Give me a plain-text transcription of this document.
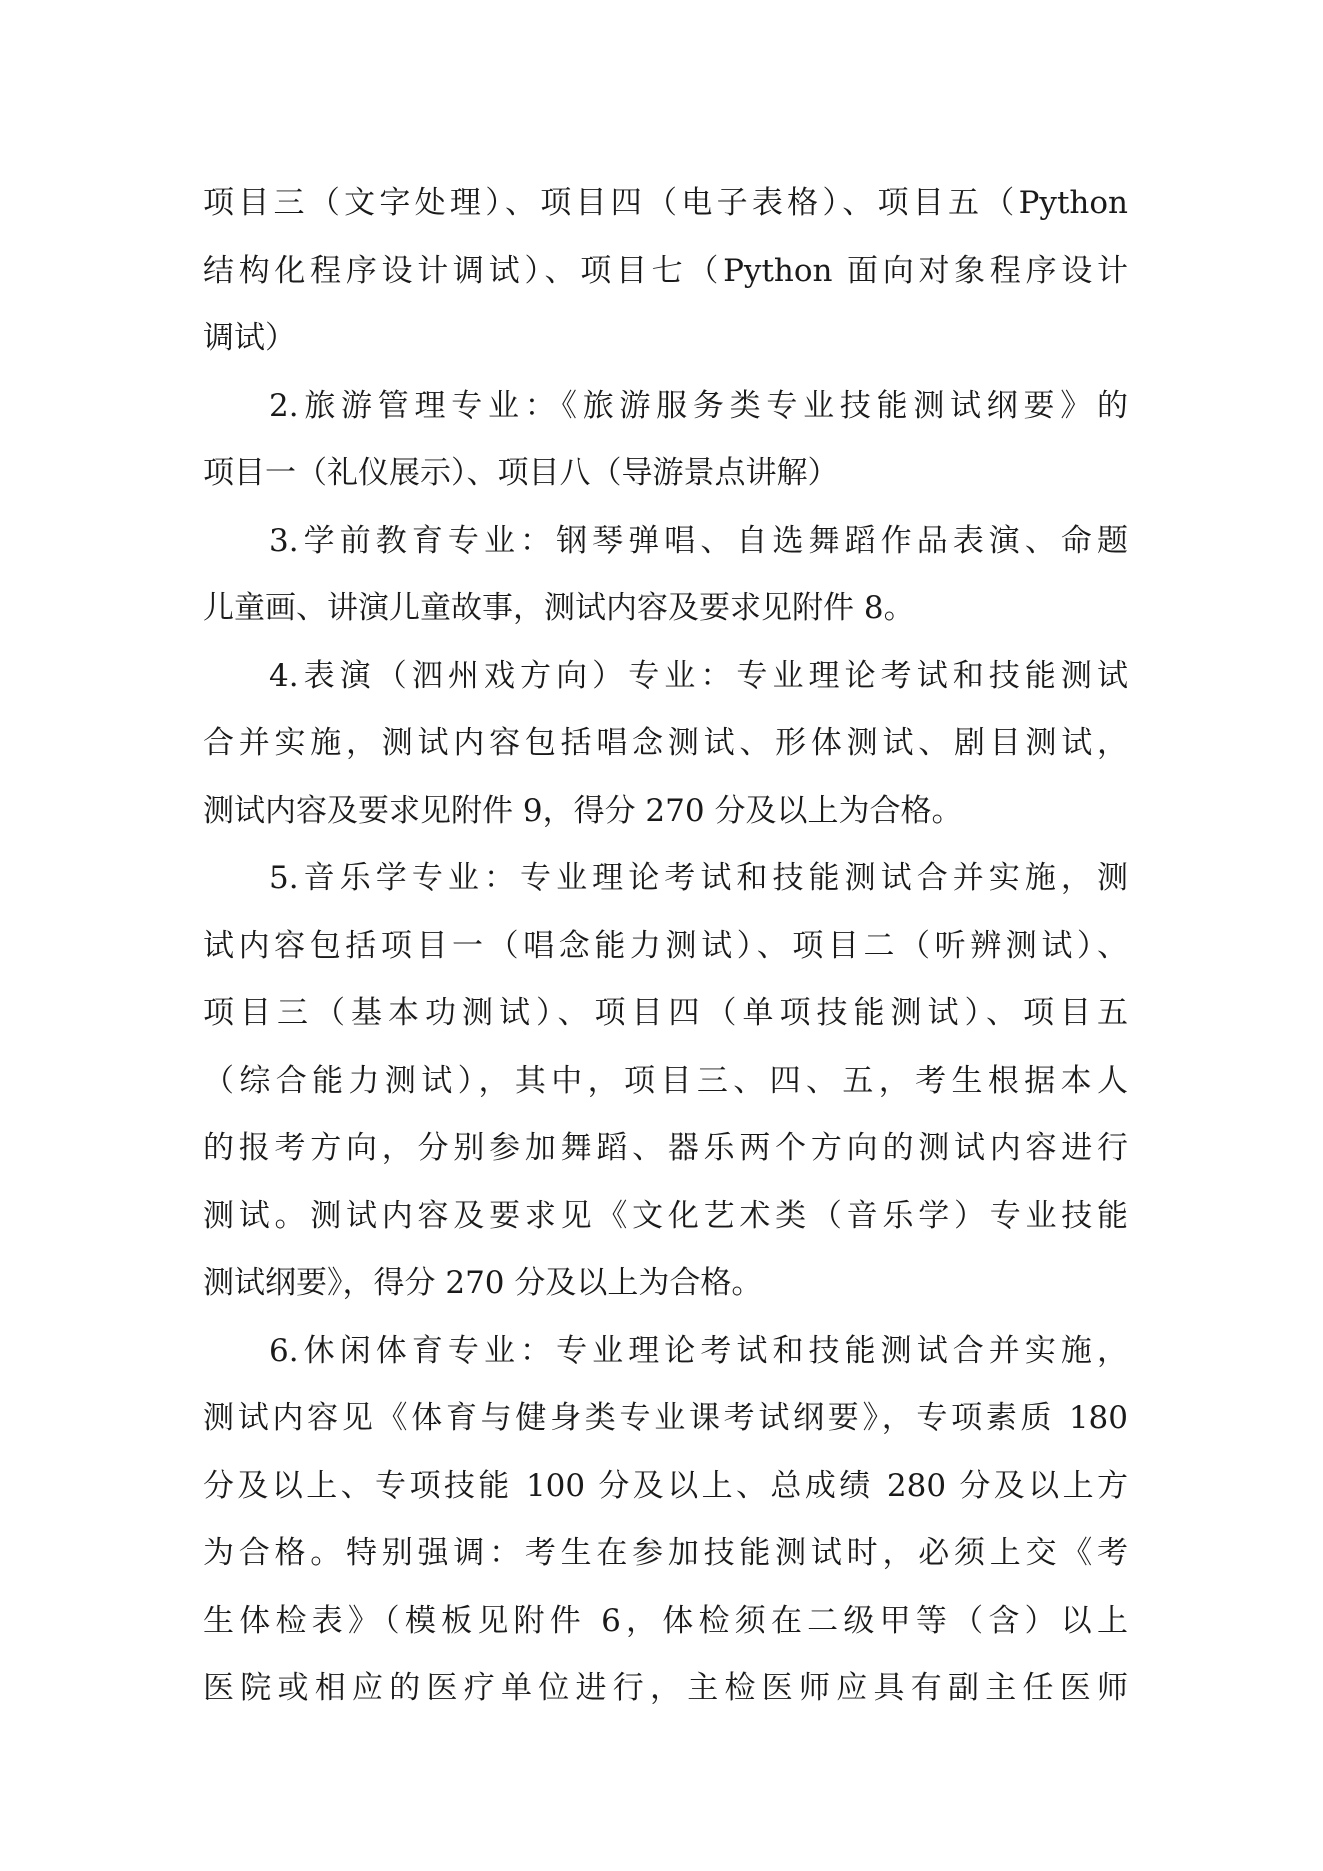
项目三（文字处理）、项目四（电子表格）、项目五（Python
结构化程序设计调试）、项目七（Python 面向对象程序设计
调试）
2.旅游管理专业：《旅游服务类专业技能测试纲要》的
项目一（礼仪展示）、项目八（导游景点讲解）
3.学前教育专业：钢琴弹唱、自选舞蹈作品表演、命题
儿童画、讲演儿童故事，测试内容及要求见附件 8。
4.表演（泗州戏方向）专业：专业理论考试和技能测试
合并实施，测试内容包括唱念测试、形体测试、剧目测试，
测试内容及要求见附件 9，得分 270 分及以上为合格。
5.音乐学专业：专业理论考试和技能测试合并实施，测
试内容包括项目一（唱念能力测试）、项目二（听辨测试）、
项目三（基本功测试）、项目四（单项技能测试）、项目五
（综合能力测试），其中，项目三、四、五，考生根据本人
的报考方向，分别参加舞蹈、器乐两个方向的测试内容进行
测试。测试内容及要求见《文化艺术类（音乐学）专业技能
测试纲要》，得分 270 分及以上为合格。
6.休闲体育专业：专业理论考试和技能测试合并实施，
测试内容见《体育与健身类专业课考试纲要》，专项素质 180
分及以上、专项技能 100 分及以上、总成绩 280 分及以上方
为合格。特别强调：考生在参加技能测试时，必须上交《考
生体检表》（模板见附件 6，体检须在二级甲等（含）以上
医院或相应的医疗单位进行，主检医师应具有副主任医师
